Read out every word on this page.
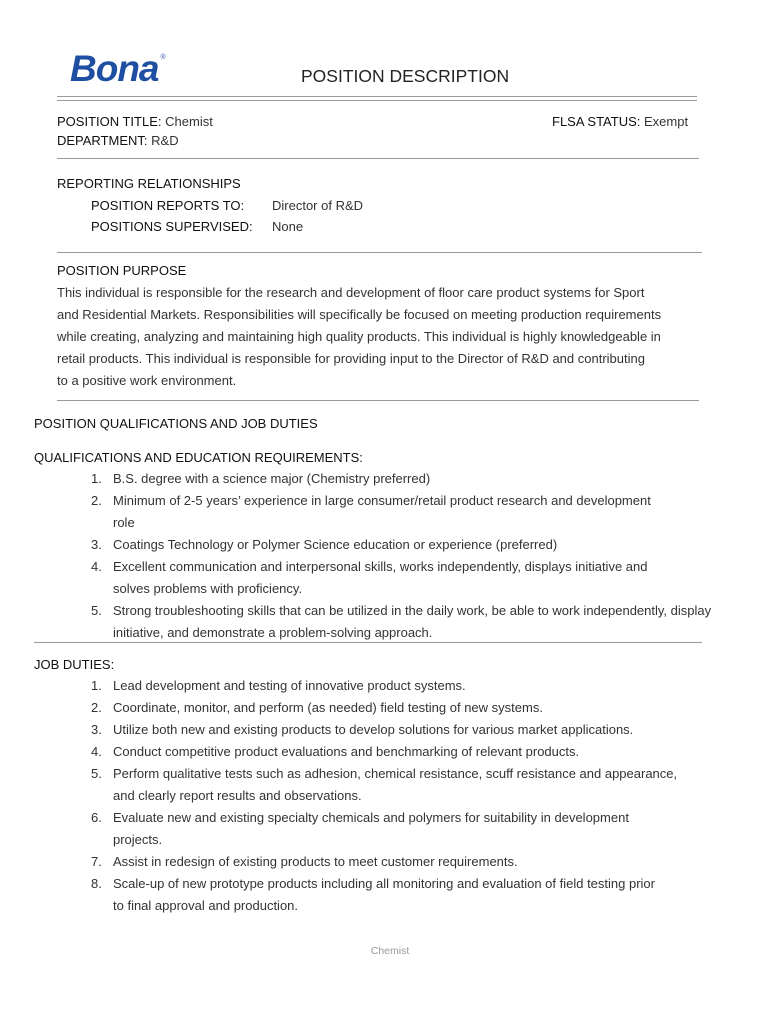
Bona ®
POSITION DESCRIPTION
POSITION TITLE: Chemist
DEPARTMENT: R&D
FLSA STATUS: Exempt
REPORTING RELATIONSHIPS
POSITION REPORTS TO: Director of R&D
POSITIONS SUPERVISED: None
POSITION PURPOSE
This individual is responsible for the research and development of floor care product systems for Sport
and Residential Markets. Responsibilities will specifically be focused on meeting production requirements
while creating, analyzing and maintaining high quality products. This individual is highly knowledgeable in
retail products. This individual is responsible for providing input to the Director of R&D and contributing
to a positive work environment.
POSITION QUALIFICATIONS AND JOB DUTIES
QUALIFICATIONS AND EDUCATION REQUIREMENTS:
1. B.S. degree with a science major (Chemistry preferred)
2. Minimum of 2-5 years’ experience in large consumer/retail product research and development
role
3. Coatings Technology or Polymer Science education or experience (preferred)
4. Excellent communication and interpersonal skills, works independently, displays initiative and
solves problems with proficiency.
5. Strong troubleshooting skills that can be utilized in the daily work, be able to work independently, display
initiative, and demonstrate a problem-solving approach.
JOB DUTIES:
1. Lead development and testing of innovative product systems.
2. Coordinate, monitor, and perform (as needed) field testing of new systems.
3. Utilize both new and existing products to develop solutions for various market applications.
4. Conduct competitive product evaluations and benchmarking of relevant products.
5. Perform qualitative tests such as adhesion, chemical resistance, scuff resistance and appearance,
and clearly report results and observations.
6. Evaluate new and existing specialty chemicals and polymers for suitability in development
projects.
7. Assist in redesign of existing products to meet customer requirements.
8. Scale-up of new prototype products including all monitoring and evaluation of field testing prior
to final approval and production.
Chemist
